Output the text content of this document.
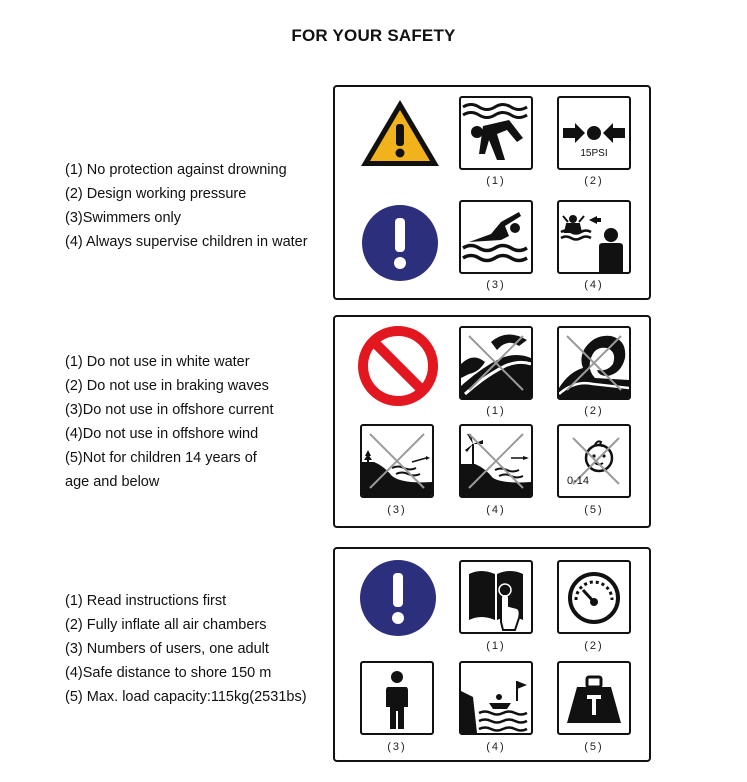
FOR YOUR SAFETY
(1) No protection against drowning
(2) Design working pressure
(3)Swimmers only
(4) Always supervise children in water
15PSI
(1)	(2)
(3)	(4)
(1) Do not use in white water
(2) Do not use in braking waves
(3)Do not use in offshore current
(4)Do not use in offshore wind
(5)Not for children 14 years of
age and below
(1)	(2)
0-14
(3)	(4)	(5)
(1) Read instructions first
(2) Fully inflate all air chambers
(3) Numbers of users, one adult
(4)Safe distance to shore 150 m
(5) Max. load capacity:115kg(2531bs)
(1)	(2)
(3)	(4)	(5)
